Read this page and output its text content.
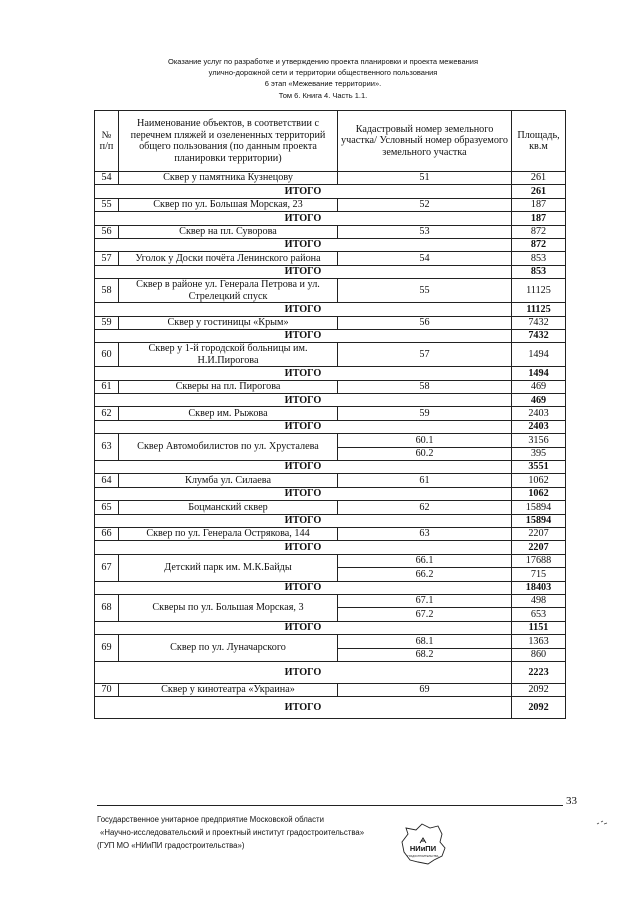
Оказание услуг по разработке и утверждению проекта планировки и проекта межевания
улично-дорожной сети и территории общественного пользования
6 этап «Межевание территории».
Том 6. Книга 4. Часть 1.1.
№ п/п	Наименование объектов, в соответствии с перечнем пляжей и озелененных территорий общего пользования (по данным проекта планировки территории)	Кадастровый номер земельного участка/ Условный номер образуемого земельного участка	Площадь, кв.м
54	Сквер у памятника Кузнецову	51	261
ИТОГО			261
55	Сквер по ул. Большая Морская, 23	52	187
ИТОГО			187
56	Сквер на пл. Суворова	53	872
ИТОГО			872
57	Уголок у Доски почёта Ленинского района	54	853
ИТОГО			853
58	Сквер в районе ул. Генерала Петрова и ул. Стрелецкий спуск	55	11125
ИТОГО			11125
59	Сквер у гостиницы «Крым»	56	7432
ИТОГО			7432
60	Сквер у 1-й городской больницы им. Н.И.Пирогова	57	1494
ИТОГО			1494
61	Скверы на пл. Пирогова	58	469
ИТОГО			469
62	Сквер им. Рыжова	59	2403
ИТОГО			2403
63	Сквер Автомобилистов по ул. Хрусталева	60.1	3156
		60.2	395
ИТОГО			3551
64	Клумба ул. Силаева	61	1062
ИТОГО			1062
65	Боцманский сквер	62	15894
ИТОГО			15894
66	Сквер по ул. Генерала Острякова, 144	63	2207
ИТОГО			2207
67	Детский парк им. М.К.Байды	66.1	17688
		66.2	715
ИТОГО			18403
68	Скверы по ул. Большая Морская, 3	67.1	498
		67.2	653
ИТОГО			1151
69	Сквер по ул. Луначарского	68.1	1363
		68.2	860
ИТОГО			2223
70	Сквер у кинотеатра «Украина»	69	2092
ИТОГО			2092
33
Государственное унитарное предприятие Московской области
«Научно-исследовательский и проектный институт градостроительства»
(ГУП МО «НИиПИ градостроительства»)	НИиПИ
ГРАДОСТРОИТЕЛЬСТВА
